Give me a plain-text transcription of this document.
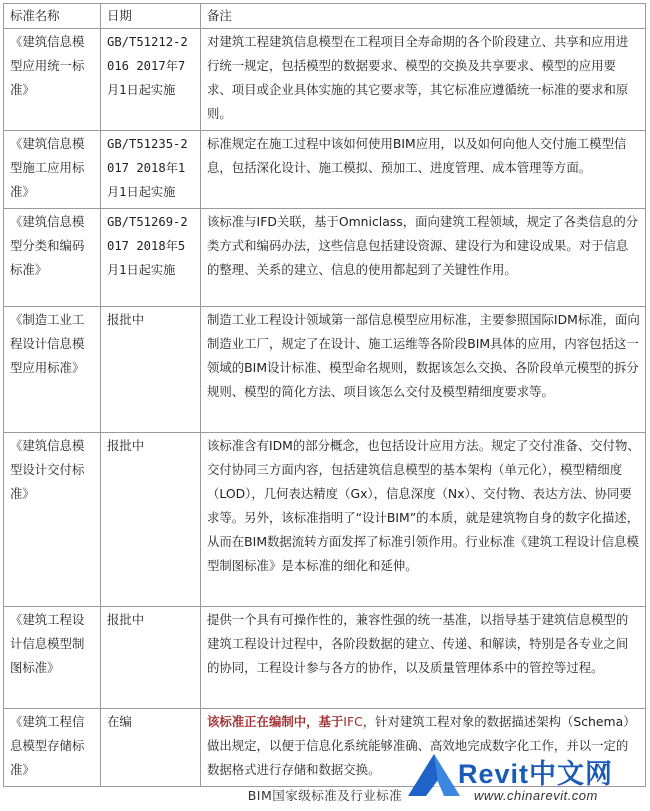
标准名称	日期	备注
《建筑信息模型应用统一标准》	GB/T51212-2016 2017年7月1日起实施	对建筑工程建筑信息模型在工程项目全寿命期的各个阶段建立、共享和应用进行统一规定，包括模型的数据要求、模型的交换及共享要求、模型的应用要求、项目或企业具体实施的其它要求等，其它标准应遵循统一标准的要求和原则。
《建筑信息模型施工应用标准》	GB/T51235-2017 2018年1月1日起实施	标准规定在施工过程中该如何使用BIM应用，以及如何向他人交付施工模型信息，包括深化设计、施工模拟、预加工、进度管理、成本管理等方面。
《建筑信息模型分类和编码标准》	GB/T51269-2017 2018年5月1日起实施	该标准与IFD关联，基于Omniclass，面向建筑工程领域，规定了各类信息的分类方式和编码办法，这些信息包括建设资源、建设行为和建设成果。对于信息的整理、关系的建立、信息的使用都起到了关键性作用。
《制造工业工程设计信息模型应用标准》	报批中	制造工业工程设计领域第一部信息模型应用标准，主要参照国际IDM标准，面向制造业工厂，规定了在设计、施工运维等各阶段BIM具体的应用，内容包括这一领域的BIM设计标准、模型命名规则，数据该怎么交换、各阶段单元模型的拆分规则、模型的简化方法、项目该怎么交付及模型精细度要求等。
《建筑信息模型设计交付标准》	报批中	该标准含有IDM的部分概念，也包括设计应用方法。规定了交付准备、交付物、交付协同三方面内容，包括建筑信息模型的基本架构（单元化），模型精细度（LOD），几何表达精度（Gx），信息深度（Nx）、交付物、表达方法、协同要求等。另外，该标准指明了“设计BIM”的本质，就是建筑物自身的数字化描述，从而在BIM数据流转方面发挥了标准引领作用。行业标准《建筑工程设计信息模型制图标准》是本标准的细化和延伸。
《建筑工程设计信息模型制图标准》	报批中	提供一个具有可操作性的，兼容性强的统一基准，以指导基于建筑信息模型的建筑工程设计过程中，各阶段数据的建立、传递、和解读，特别是各专业之间的协同，工程设计参与各方的协作，以及质量管理体系中的管控等过程。
《建筑工程信息模型存储标准》	在编	该标准正在编制中，基于IFC，针对建筑工程对象的数据描述架构（Schema）做出规定，以便于信息化系统能够准确、高效地完成数字化工作，并以一定的数据格式进行存储和数据交换。
BIM国家级标准及行业标准
Revit中文网
www.chinarevit.com
